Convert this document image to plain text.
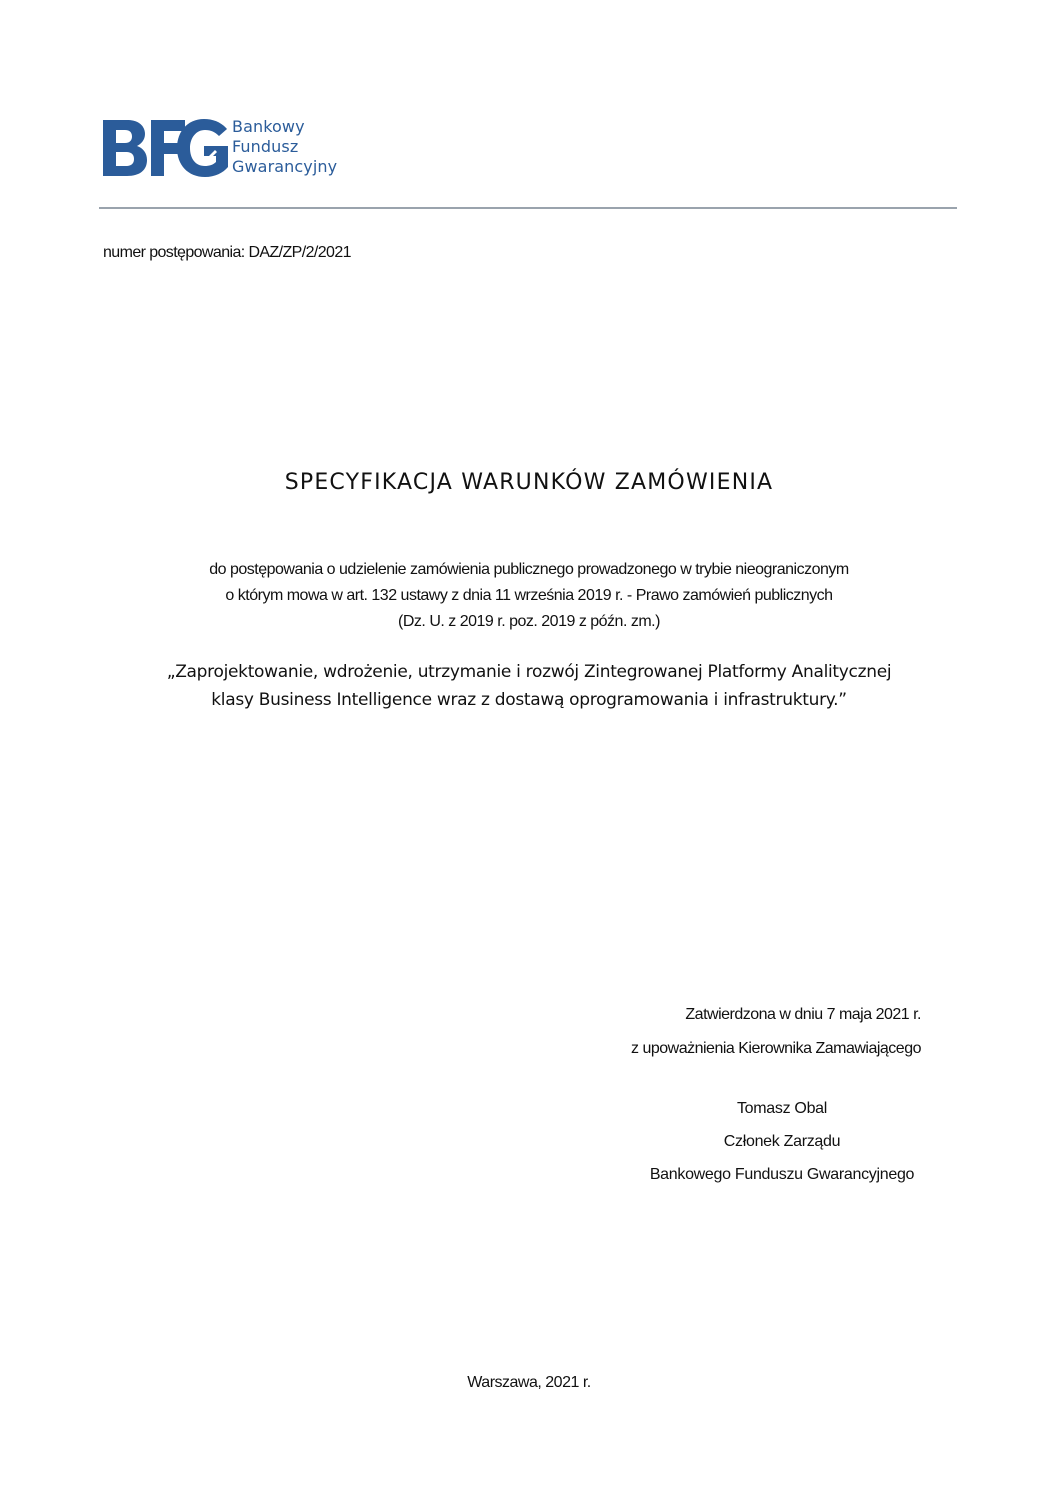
Bankowy
Fundusz
Gwarancyjny
numer postępowania: DAZ/ZP/2/2021
SPECYFIKACJA WARUNKÓW ZAMÓWIENIA
do postępowania o udzielenie zamówienia publicznego prowadzonego w trybie nieograniczonym
o którym mowa w art. 132 ustawy z dnia 11 września 2019 r. - Prawo zamówień publicznych
(Dz. U. z 2019 r. poz. 2019 z późn. zm.)
„Zaprojektowanie, wdrożenie, utrzymanie i rozwój Zintegrowanej Platformy Analitycznej
klasy Business Intelligence wraz z dostawą oprogramowania i infrastruktury.”
Zatwierdzona w dniu 7 maja 2021 r.
z upoważnienia Kierownika Zamawiającego
Tomasz Obal
Członek Zarządu
Bankowego Funduszu Gwarancyjnego
Warszawa, 2021 r.
